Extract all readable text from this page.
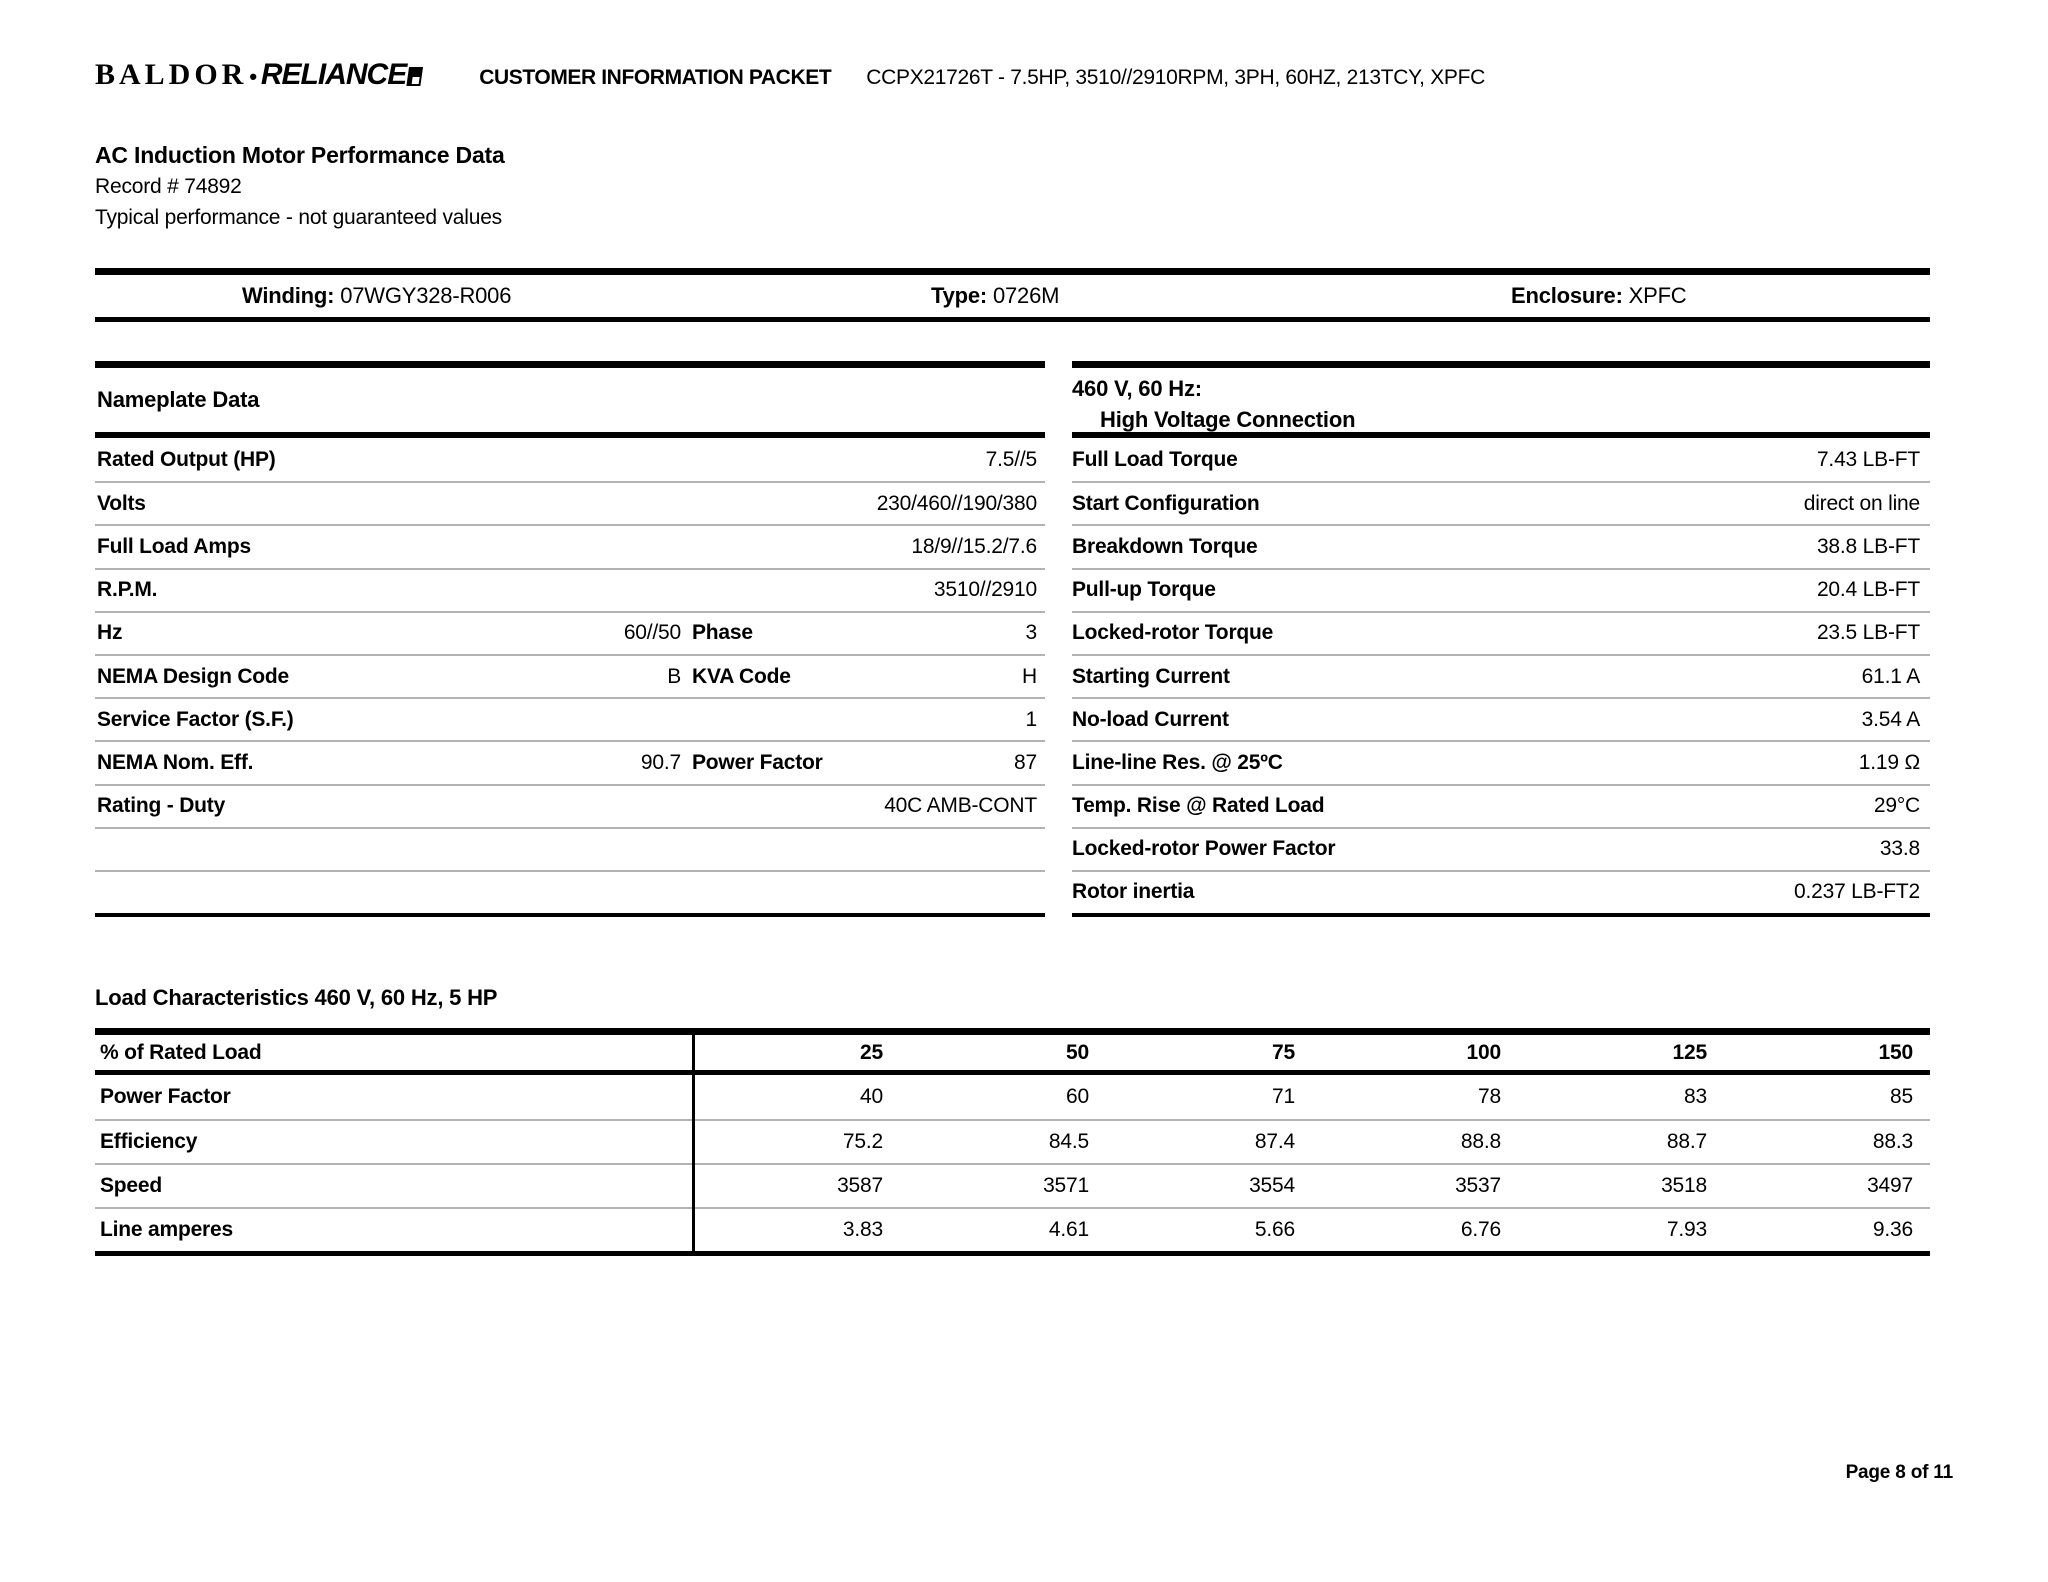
BALDOR• RELIANCE	CUSTOMER INFORMATION PACKET CCPX21726T - 7.5HP, 3510//2910RPM, 3PH, 60HZ, 213TCY, XPFC
AC Induction Motor Performance Data
Record # 74892
Typical performance - not guaranteed values
Winding: 07WGY328-R006	Type: 0726M	Enclosure: XPFC
Nameplate Data
Rated Output (HP)	7.5//5
Volts	230/460//190/380
Full Load Amps	18/9//15.2/7.6
R.P.M.	3510//2910
Hz	60//50 Phase	3
NEMA Design Code	B KVA Code	H
Service Factor (S.F.)	1
NEMA Nom. Eff.	90.7 Power Factor	87
Rating - Duty	40C AMB-CONT
460 V, 60 Hz:
High Voltage Connection
Full Load Torque	7.43 LB-FT
Start Configuration	direct on line
Breakdown Torque	38.8 LB-FT
Pull-up Torque	20.4 LB-FT
Locked-rotor Torque	23.5 LB-FT
Starting Current	61.1 A
No-load Current	3.54 A
Line-line Res. @ 25ºC	1.19 Ω
Temp. Rise @ Rated Load	29°C
Locked-rotor Power Factor	33.8
Rotor inertia	0.237 LB-FT2
Load Characteristics 460 V, 60 Hz, 5 HP
% of Rated Load	25	50	75	100	125	150
Power Factor	40	60	71	78	83	85
Efficiency	75.2	84.5	87.4	88.8	88.7	88.3
Speed	3587	3571	3554	3537	3518	3497
Line amperes	3.83	4.61	5.66	6.76	7.93	9.36
Page 8 of 11
